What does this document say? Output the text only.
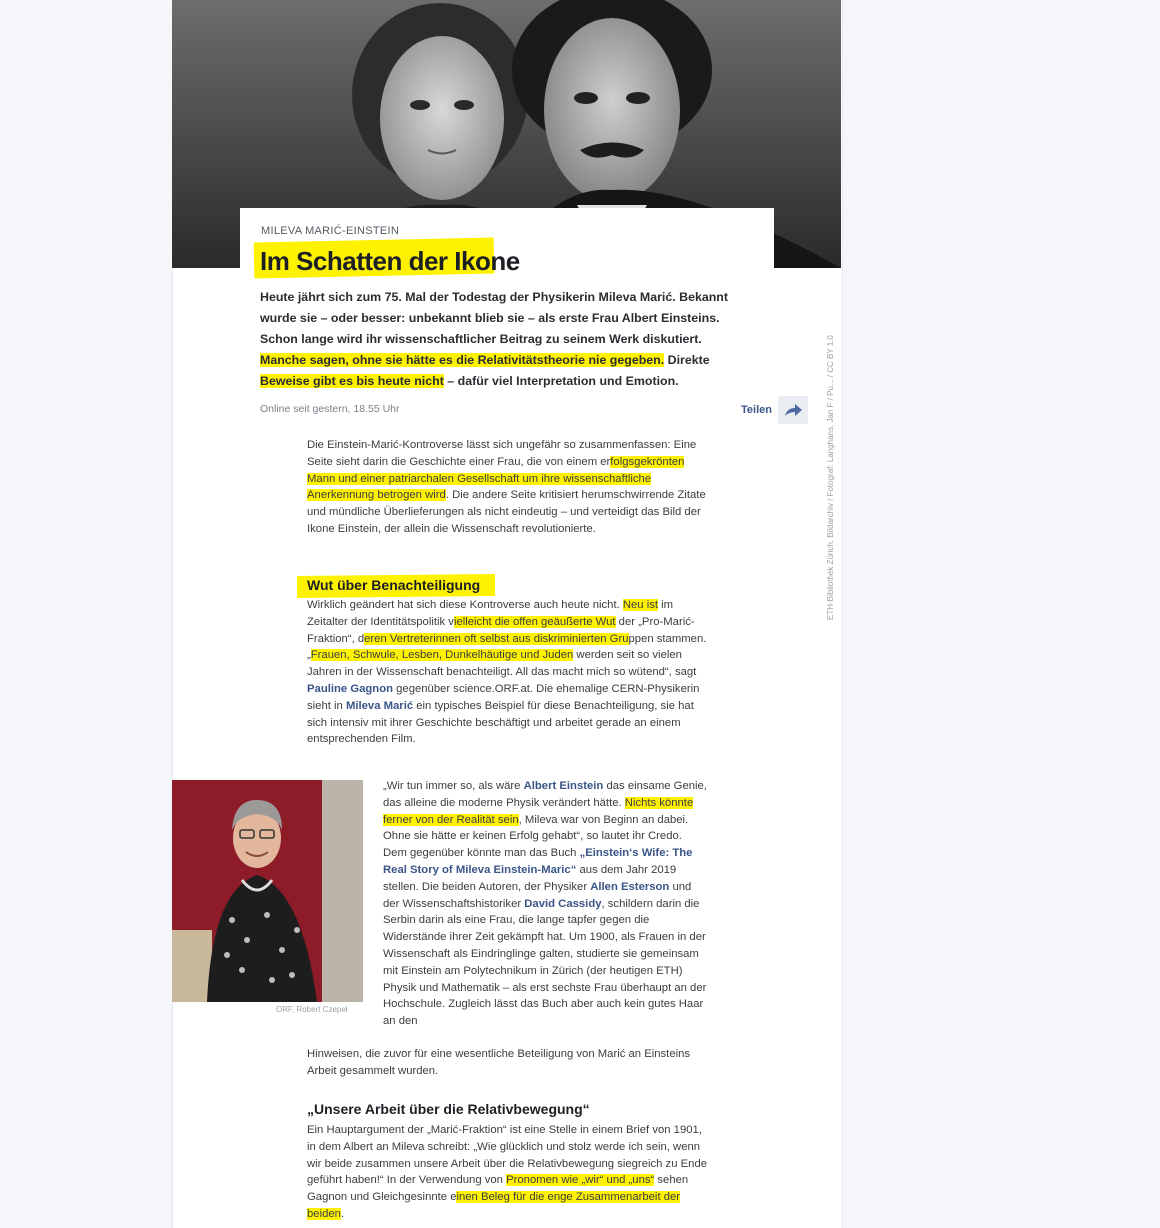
ETH-Bibliothek Zürich, Bildarchiv / Fotograf: Langhans, Jan F / Pu... / CC BY 1.0
MILEVA MARIĆ-EINSTEIN
Im Schatten der Ikone

Heute jährt sich zum 75. Mal der Todestag der Physikerin Mileva Marić. Bekannt wurde sie – oder besser: unbekannt blieb sie – als erste Frau Albert Einsteins. Schon lange wird ihr wissenschaftlicher Beitrag zu seinem Werk diskutiert. Manche sagen, ohne sie hätte es die Relativitätstheorie nie gegeben. Direkte Beweise gibt es bis heute nicht – dafür viel Interpretation und Emotion.

Online seit gestern, 18.55 Uhr	Teilen

Die Einstein-Marić-Kontroverse lässt sich ungefähr so zusammenfassen: Eine Seite sieht darin die Geschichte einer Frau, die von einem erfolgsgekrönten Mann und einer patriarchalen Gesellschaft um ihre wissenschaftliche Anerkennung betrogen wird. Die andere Seite kritisiert herumschwirrende Zitate und mündliche Überlieferungen als nicht eindeutig – und verteidigt das Bild der Ikone Einstein, der allein die Wissenschaft revolutionierte.

Wut über Benachteiligung

Wirklich geändert hat sich diese Kontroverse auch heute nicht. Neu ist im Zeitalter der Identitätspolitik vielleicht die offen geäußerte Wut der „Pro-Marić-Fraktion“, deren Vertreterinnen oft selbst aus diskriminierten Gruppen stammen. „Frauen, Schwule, Lesben, Dunkelhäutige und Juden werden seit so vielen Jahren in der Wissenschaft benachteiligt. All das macht mich so wütend“, sagt Pauline Gagnon gegenüber science.ORF.at. Die ehemalige CERN-Physikerin sieht in Mileva Marić ein typisches Beispiel für diese Benachteiligung, sie hat sich intensiv mit ihrer Geschichte beschäftigt und arbeitet gerade an einem entsprechenden Film.

ORF, Robert Czepel

„Wir tun immer so, als wäre Albert Einstein das einsame Genie, das alleine die moderne Physik verändert hätte. Nichts könnte ferner von der Realität sein, Mileva war von Beginn an dabei. Ohne sie hätte er keinen Erfolg gehabt“, so lautet ihr Credo. Dem gegenüber könnte man das Buch „Einstein‘s Wife: The Real Story of Mileva Einstein-Maric“ aus dem Jahr 2019 stellen. Die beiden Autoren, der Physiker Allen Esterson und der Wissenschaftshistoriker David Cassidy, schildern darin die Serbin darin als eine Frau, die lange tapfer gegen die Widerstände ihrer Zeit gekämpft hat. Um 1900, als Frauen in der Wissenschaft als Eindringlinge galten, studierte sie gemeinsam mit Einstein am Polytechnikum in Zürich (der heutigen ETH) Physik und Mathematik – als erst sechste Frau überhaupt an der Hochschule. Zugleich lässt das Buch aber auch kein gutes Haar an den

Hinweisen, die zuvor für eine wesentliche Beteiligung von Marić an Einsteins Arbeit gesammelt wurden.

„Unsere Arbeit über die Relativbewegung“

Ein Hauptargument der „Marić-Fraktion“ ist eine Stelle in einem Brief von 1901, in dem Albert an Mileva schreibt: „Wie glücklich und stolz werde ich sein, wenn wir beide zusammen unsere Arbeit über die Relativbewegung siegreich zu Ende geführt haben!“ In der Verwendung von Pronomen wie „wir“ und „uns“ sehen Gagnon und Gleichgesinnte einen Beleg für die enge Zusammenarbeit der beiden.
